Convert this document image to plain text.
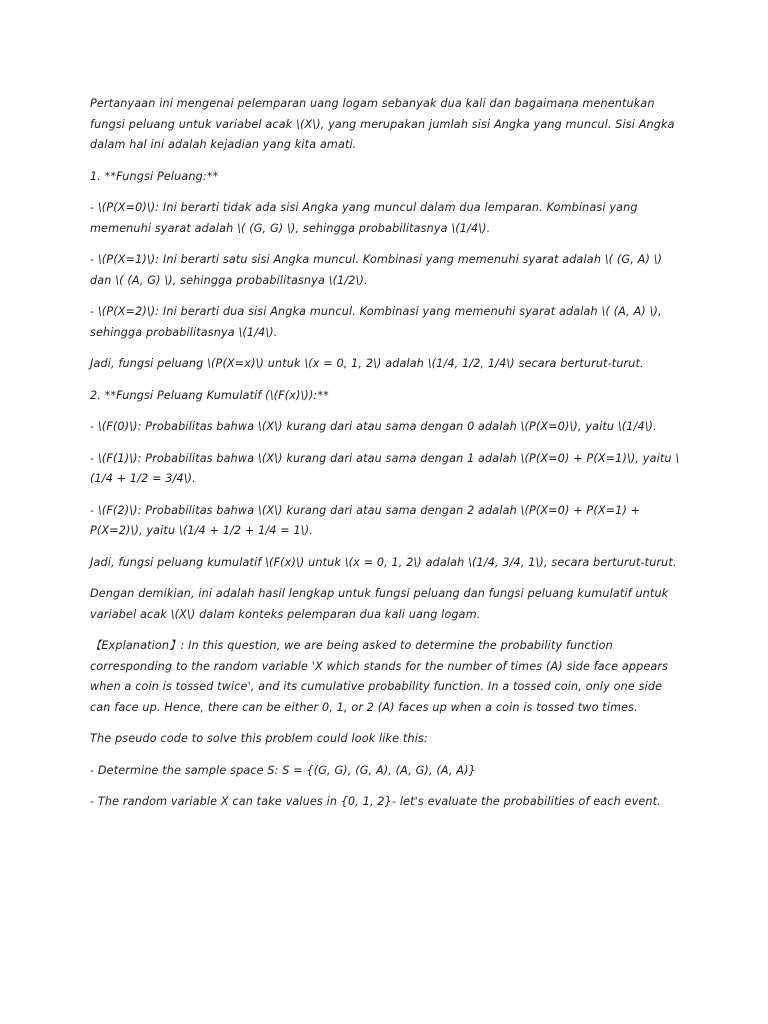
Pertanyaan ini mengenai pelemparan uang logam sebanyak dua kali dan bagaimana menentukan fungsi peluang untuk variabel acak \(X\), yang merupakan jumlah sisi Angka yang muncul. Sisi Angka dalam hal ini adalah kejadian yang kita amati.

1. **Fungsi Peluang:**

- \(P(X=0)\): Ini berarti tidak ada sisi Angka yang muncul dalam dua lemparan. Kombinasi yang memenuhi syarat adalah \( (G, G) \), sehingga probabilitasnya \(1/4\).

- \(P(X=1)\): Ini berarti satu sisi Angka muncul. Kombinasi yang memenuhi syarat adalah \( (G, A) \) dan \( (A, G) \), sehingga probabilitasnya \(1/2\).

- \(P(X=2)\): Ini berarti dua sisi Angka muncul. Kombinasi yang memenuhi syarat adalah \( (A, A) \), sehingga probabilitasnya \(1/4\).

Jadi, fungsi peluang \(P(X=x)\) untuk \(x = 0, 1, 2\) adalah \(1/4, 1/2, 1/4\) secara berturut-turut.

2. **Fungsi Peluang Kumulatif (\(F(x)\)):**

- \(F(0)\): Probabilitas bahwa \(X\) kurang dari atau sama dengan 0 adalah \(P(X=0)\), yaitu \(1/4\).

- \(F(1)\): Probabilitas bahwa \(X\) kurang dari atau sama dengan 1 adalah \(P(X=0) + P(X=1)\), yaitu \(1/4 + 1/2 = 3/4\).

- \(F(2)\): Probabilitas bahwa \(X\) kurang dari atau sama dengan 2 adalah \(P(X=0) + P(X=1) + P(X=2)\), yaitu \(1/4 + 1/2 + 1/4 = 1\).

Jadi, fungsi peluang kumulatif \(F(x)\) untuk \(x = 0, 1, 2\) adalah \(1/4, 3/4, 1\), secara berturut-turut.

Dengan demikian, ini adalah hasil lengkap untuk fungsi peluang dan fungsi peluang kumulatif untuk variabel acak \(X\) dalam konteks pelemparan dua kali uang logam.

【Explanation】: In this question, we are being asked to determine the probability function corresponding to the random variable 'X which stands for the number of times (A) side face appears when a coin is tossed twice', and its cumulative probability function. In a tossed coin, only one side can face up. Hence, there can be either 0, 1, or 2 (A) faces up when a coin is tossed two times.

The pseudo code to solve this problem could look like this:

- Determine the sample space S: S = {(G, G), (G, A), (A, G), (A, A)}

- The random variable X can take values in {0, 1, 2}- let's evaluate the probabilities of each event.
